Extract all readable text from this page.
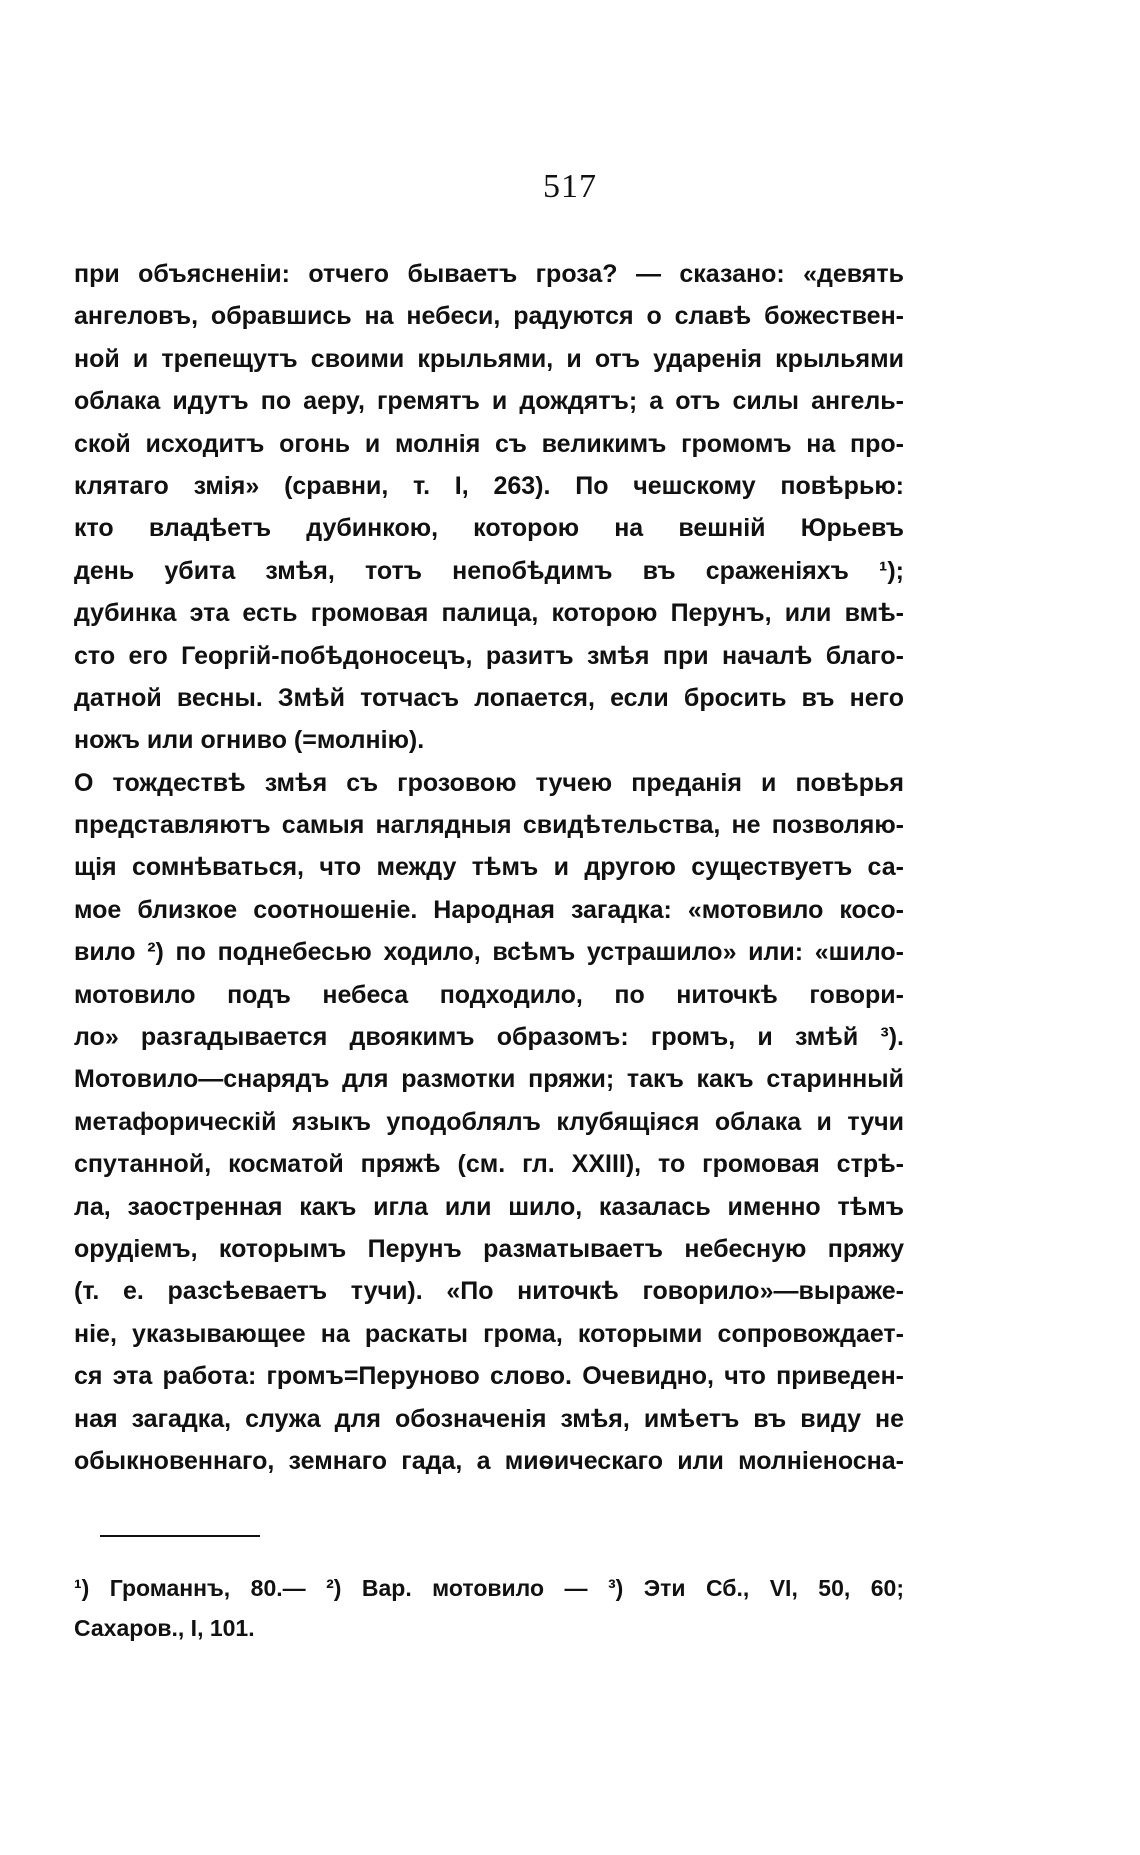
517
при объясненіи: отчего бываетъ гроза? — сказано: «девять
ангеловъ, обравшись на небеси, радуются о славѣ божествен-
ной и трепещутъ своими крыльями, и отъ ударенія крыльями
облака идутъ по аеру, гремятъ и дождятъ; а отъ силы ангель-
ской исходитъ огонь и молнія съ великимъ громомъ на про-
клятаго змія» (сравни, т. I, 263). По чешскому повѣрью:
кто владѣетъ дубинкою, которою на вешній Юрьевъ
день убита змѣя, тотъ непобѣдимъ въ сраженіяхъ ¹);
дубинка эта есть громовая палица, которою Перунъ, или вмѣ-
сто его Георгій-побѣдоносецъ, разитъ змѣя при началѣ благо-
датной весны. Змѣй тотчасъ лопается, если бросить въ него
ножъ или огниво (=молнію).
О тождествѣ змѣя съ грозовою тучею преданія и повѣрья
представляютъ самыя наглядныя свидѣтельства, не позволяю-
щія сомнѣваться, что между тѣмъ и другою существуетъ са-
мое близкое соотношеніе. Народная загадка: «мотовило косо-
вило ²) по поднебесью ходило, всѣмъ устрашило» или: «шило-
мотовило подъ небеса подходило, по ниточкѣ говори-
ло» разгадывается двоякимъ образомъ: громъ, и змѣй ³).
Мотовило—снарядъ для размотки пряжи; такъ какъ старинный
метафорическій языкъ уподоблялъ клубящіяся облака и тучи
спутанной, косматой пряжѣ (см. гл. XXIII), то громовая стрѣ-
ла, заостренная какъ игла или шило, казалась именно тѣмъ
орудіемъ, которымъ Перунъ разматываетъ небесную пряжу
(т. е. разсѣеваетъ тучи). «По ниточкѣ говорило»—выраже-
ніе, указывающее на раскаты грома, которыми сопровождает-
ся эта работа: громъ=Перуново слово. Очевидно, что приведен-
ная загадка, служа для обозначенія змѣя, имѣетъ въ виду не
обыкновеннаго, земнаго гада, а миѳическаго или молніеносна-
¹) Громаннъ, 80.— ²) Вар. мотовило — ³) Эти Сб., VI, 50, 60;
Сахаров., I, 101.
